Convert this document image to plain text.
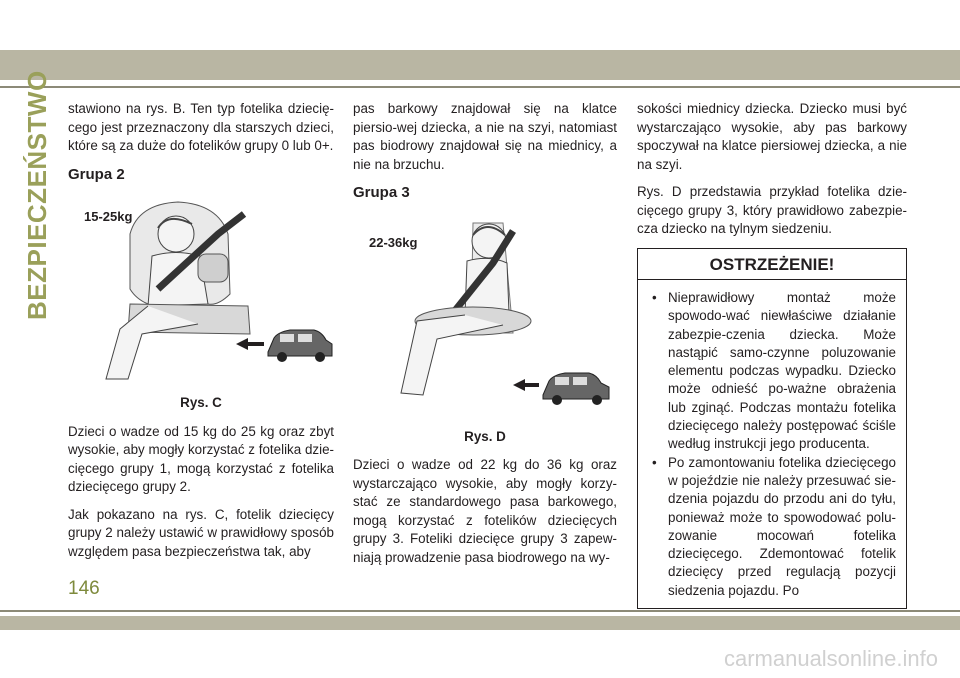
BEZPIECZEŃSTWO stawiono na rys. B. Ten typ fotelika dziecię-cego jest przeznaczony dla starszych dzieci, które są za duże do fotelików grupy 0 lub 0+.

Grupa 2
15-25kg
Rys. C

Dzieci o wadze od 15 kg do 25 kg oraz zbyt wysokie, aby mogły korzystać z fotelika dzie-cięcego grupy 1, mogą korzystać z fotelika dziecięcego grupy 2.

Jak pokazano na rys. C, fotelik dziecięcy grupy 2 należy ustawić w prawidłowy sposób względem pasa bezpieczeństwa tak, aby

pas barkowy znajdował się na klatce piersio-wej dziecka, a nie na szyi, natomiast pas biodrowy znajdował się na miednicy, a nie na brzuchu.

Grupa 3
22-36kg
Rys. D

Dzieci o wadze od 22 kg do 36 kg oraz wystarczająco wysokie, aby mogły korzy-stać ze standardowego pasa barkowego, mogą korzystać z fotelików dziecięcych grupy 3. Foteliki dziecięce grupy 3 zapew-niają prowadzenie pasa biodrowego na wy-

sokości miednicy dziecka. Dziecko musi być wystarczająco wysokie, aby pas barkowy spoczywał na klatce piersiowej dziecka, a nie na szyi.

Rys. D przedstawia przykład fotelika dzie-cięcego grupy 3, który prawidłowo zabezpie-cza dziecko na tylnym siedzeniu.

OSTRZEŻENIE!
• Nieprawidłowy montaż może spowodo-wać niewłaściwe działanie zabezpie-czenia dziecka. Może nastąpić samo-czynne poluzowanie elementu podczas wypadku. Dziecko może odnieść po-ważne obrażenia lub zginąć. Podczas montażu fotelika dziecięcego należy postępować ściśle według instrukcji jego producenta.
• Po zamontowaniu fotelika dziecięcego w pojeździe nie należy przesuwać sie-dzenia pojazdu do przodu ani do tyłu, ponieważ może to spowodować polu-zowanie mocowań fotelika dziecięcego. Zdemontować fotelik dziecięcy przed regulacją pozycji siedzenia pojazdu. Po
146
carmanualsonline.info
